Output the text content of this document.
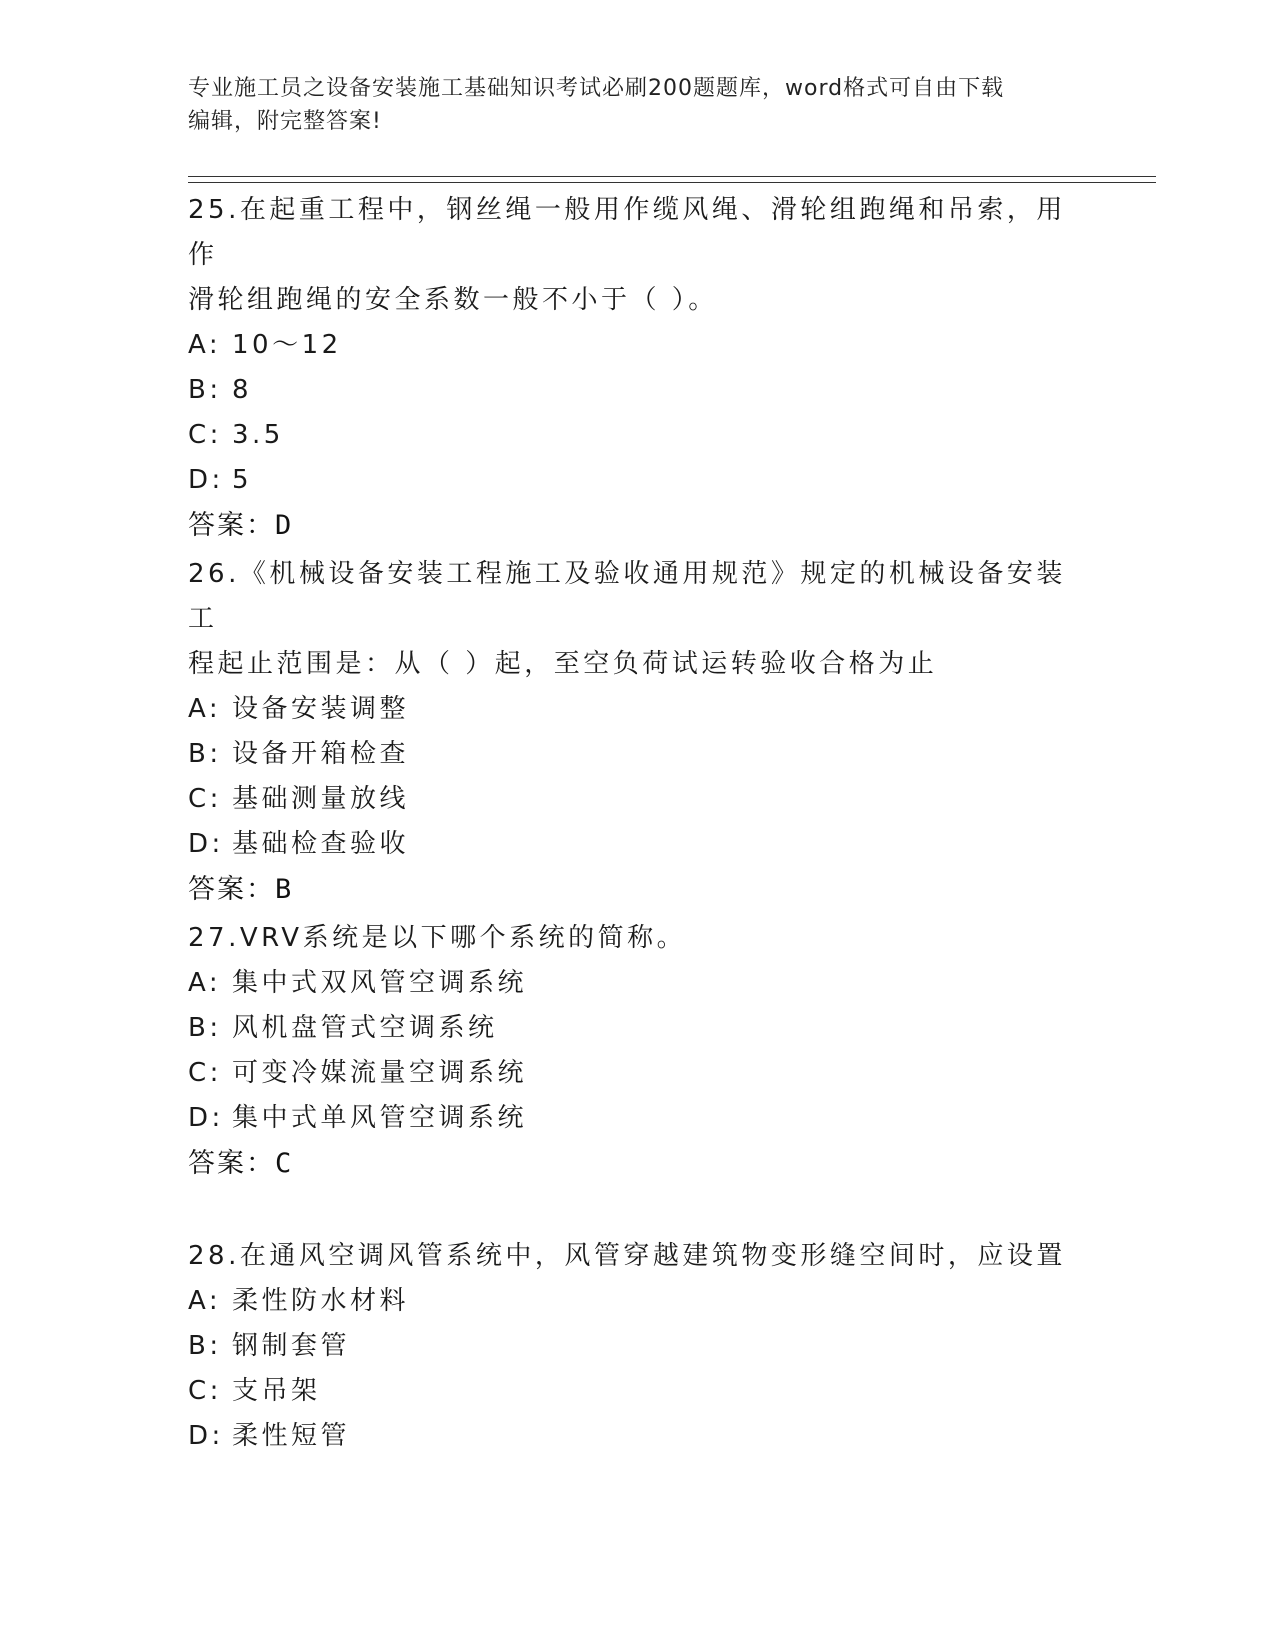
专业施工员之设备安装施工基础知识考试必刷200题题库，word格式可自由下载
编辑，附完整答案!
25.在起重工程中，钢丝绳一般用作缆风绳、滑轮组跑绳和吊索，用作
滑轮组跑绳的安全系数一般不小于（ ）。
A: 10～12
B: 8
C: 3.5
D: 5
答案：D
26.《机械设备安装工程施工及验收通用规范》规定的机械设备安装工
程起止范围是：从（ ）起，至空负荷试运转验收合格为止
A: 设备安装调整
B: 设备开箱检查
C: 基础测量放线
D: 基础检查验收
答案：B
27.VRV系统是以下哪个系统的简称。
A: 集中式双风管空调系统
B: 风机盘管式空调系统
C: 可变冷媒流量空调系统
D: 集中式单风管空调系统
答案：C
28.在通风空调风管系统中，风管穿越建筑物变形缝空间时，应设置
A: 柔性防水材料
B: 钢制套管
C: 支吊架
D: 柔性短管
